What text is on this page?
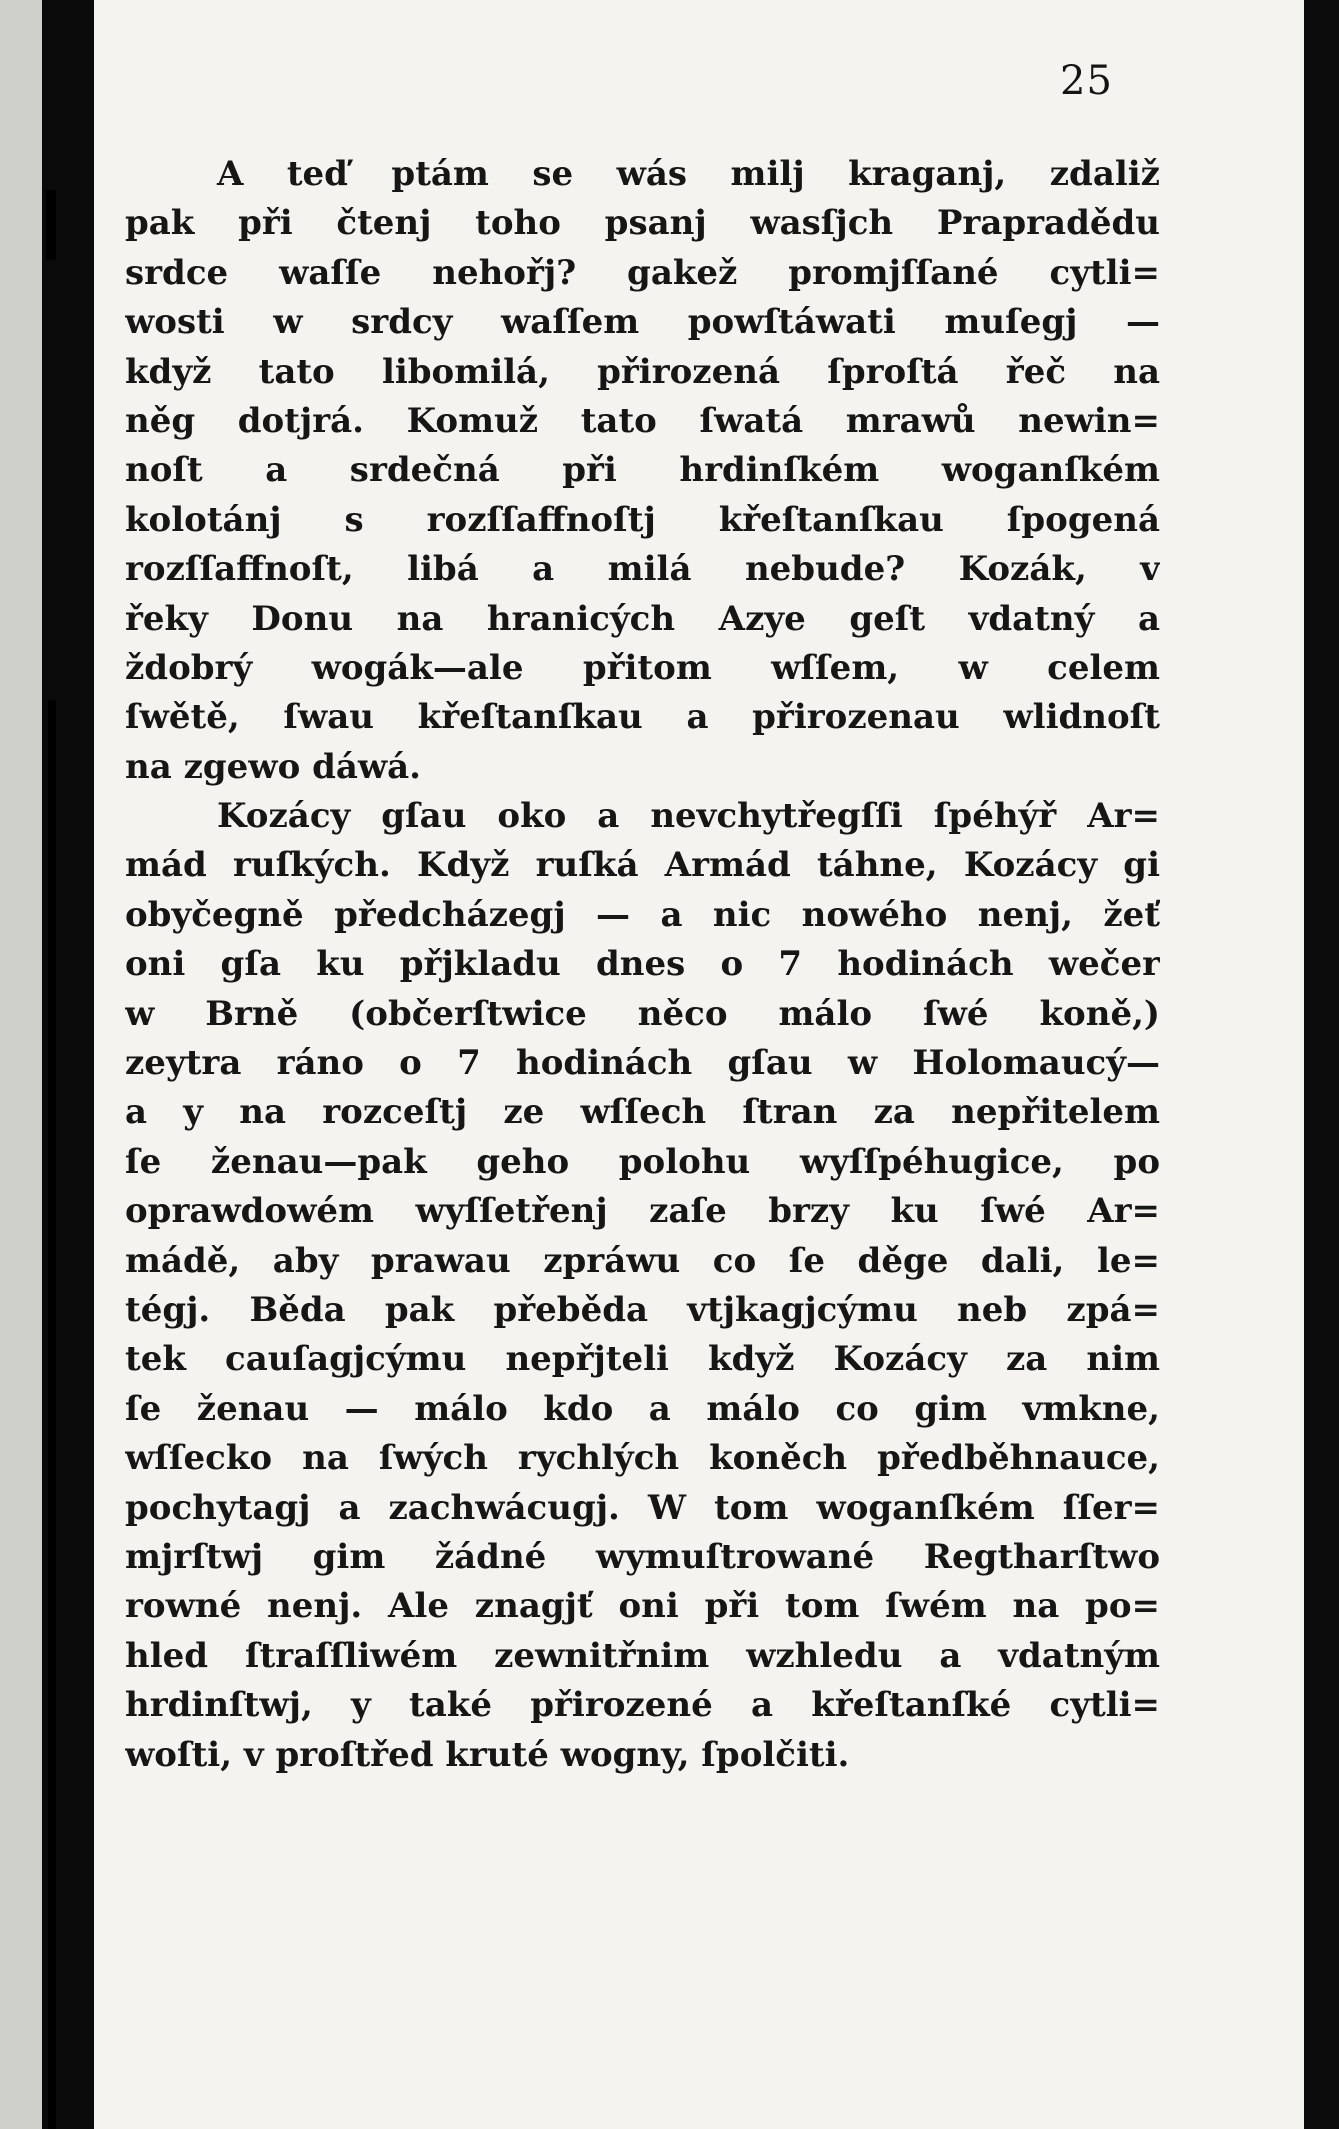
25
A teď ptám se wás milj kraganj, zdaliž
pak při čtenj toho psanj wasſjch Prapradědu
srdce waſſe nehořj? gakež promjſſané cytli=
wosti w srdcy waſſem powſtáwati muſegj —
když tato libomilá, přirozená ſproſtá řeč na
něg dotjrá. Komuž tato ſwatá mrawů newin=
noſt a srdečná při hrdinſkém woganſkém
kolotánj s rozſſaffnoſtj křeſtanſkau ſpogená
rozſſaffnoſt, libá a milá nebude? Kozák, v
řeky Donu na hranicých Azye geſt vdatný a
ždobrý wogák—ale přitom wſſem, w celem
ſwětě, ſwau křeſtanſkau a přirozenau wlidnoſt
na zgewo dáwá.
Kozácy gſau oko a nevchytřegſſi ſpéhýř Ar=
mád ruſkých. Když ruſká Armád táhne, Kozácy gi
obyčegně předcházegj — a nic nowého nenj, žeť
oni gſa ku přjkladu dnes o 7 hodinách wečer
w Brně (občerſtwice něco málo ſwé koně,)
zeytra ráno o 7 hodinách gſau w Holomaucý—
a y na rozceſtj ze wſſech ſtran za nepřitelem
ſe ženau—pak geho polohu wyſſpéhugice, po
oprawdowém wyſſetřenj zaſe brzy ku ſwé Ar=
mádě, aby prawau zpráwu co ſe děge dali, le=
tégj. Běda pak přeběda vtjkagjcýmu neb zpá=
tek cauſagjcýmu nepřjteli když Kozácy za nim
ſe ženau — málo kdo a málo co gim vmkne,
wſſecko na ſwých rychlých koněch předběhnauce,
pochytagj a zachwácugj. W tom woganſkém ſſer=
mjrſtwj gim žádné wymuſtrowané Regtharſtwo
rowné nenj. Ale znagjť oni při tom ſwém na po=
hled ſtraſſliwém zewnitřnim wzhledu a vdatným
hrdinſtwj, y také přirozené a křeſtanſké cytli=
woſti, v proſtřed kruté wogny, ſpolčiti.
